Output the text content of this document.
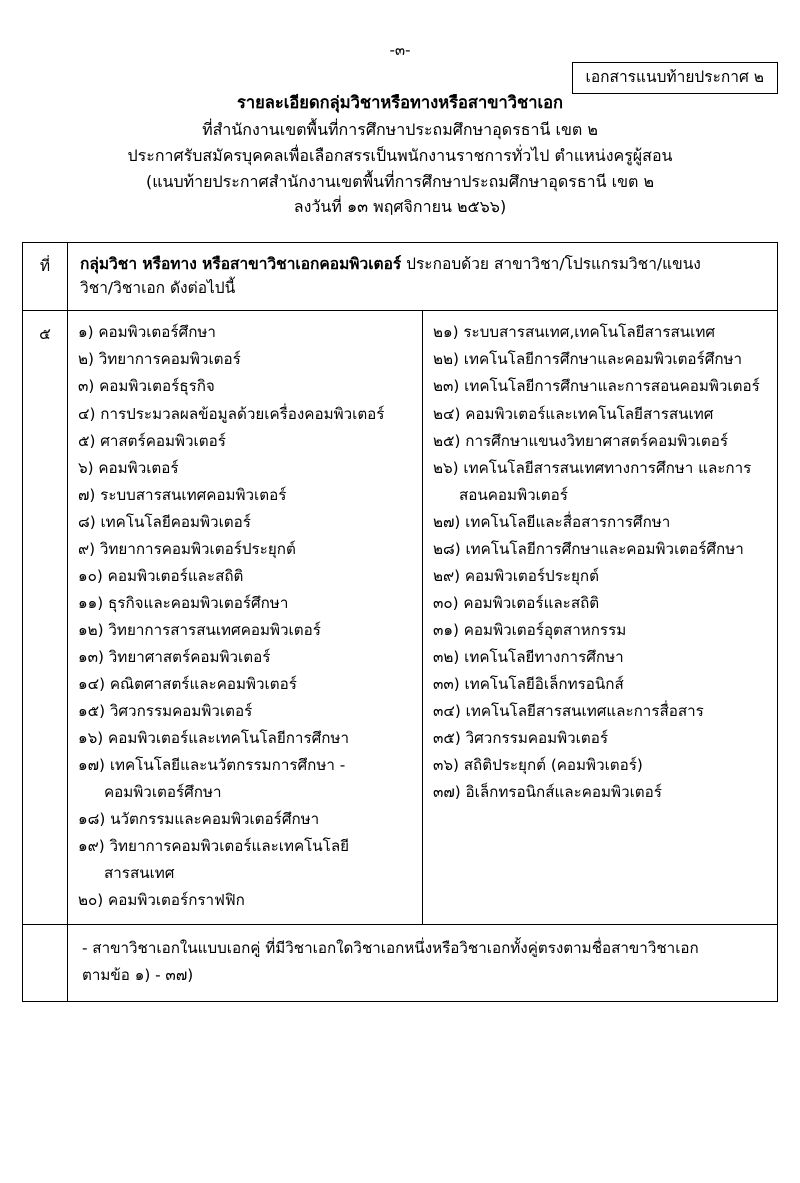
-๓-
เอกสารแนบท้ายประกาศ ๒
รายละเอียดกลุ่มวิชาหรือทางหรือสาขาวิชาเอก
ที่สำนักงานเขตพื้นที่การศึกษาประถมศึกษาอุดรธานี เขต ๒
ประกาศรับสมัครบุคคลเพื่อเลือกสรรเป็นพนักงานราชการทั่วไป ตำแหน่งครูผู้สอน
(แนบท้ายประกาศสำนักงานเขตพื้นที่การศึกษาประถมศึกษาอุดรธานี เขต ๒
ลงวันที่ ๑๓ พฤศจิกายน ๒๕๖๖)
ที่	กลุ่มวิชา หรือทาง หรือสาขาวิชาเอกคอมพิวเตอร์ ประกอบด้วย สาขาวิชา/โปรแกรมวิชา/แขนง
วิชา/วิชาเอก ดังต่อไปนี้	

๕	๑) คอมพิวเตอร์ศึกษา
๒) วิทยาการคอมพิวเตอร์
๓) คอมพิวเตอร์ธุรกิจ
๔) การประมวลผลข้อมูลด้วยเครื่องคอมพิวเตอร์
๕) ศาสตร์คอมพิวเตอร์
๖) คอมพิวเตอร์
๗) ระบบสารสนเทศคอมพิวเตอร์
๘) เทคโนโลยีคอมพิวเตอร์
๙) วิทยาการคอมพิวเตอร์ประยุกต์
๑๐) คอมพิวเตอร์และสถิติ
๑๑) ธุรกิจและคอมพิวเตอร์ศึกษา
๑๒) วิทยาการสารสนเทศคอมพิวเตอร์
๑๓) วิทยาศาสตร์คอมพิวเตอร์
๑๔) คณิตศาสตร์และคอมพิวเตอร์
๑๕) วิศวกรรมคอมพิวเตอร์
๑๖) คอมพิวเตอร์และเทคโนโลยีการศึกษา
๑๗) เทคโนโลยีและนวัตกรรมการศึกษา - คอมพิวเตอร์ศึกษา
๑๘) นวัตกรรมและคอมพิวเตอร์ศึกษา
๑๙) วิทยาการคอมพิวเตอร์และเทคโนโลยีสารสนเทศ
๒๐) คอมพิวเตอร์กราฟฟิก

๒๑) ระบบสารสนเทศ,เทคโนโลยีสารสนเทศ
๒๒) เทคโนโลยีการศึกษาและคอมพิวเตอร์ศึกษา
๒๓) เทคโนโลยีการศึกษาและการสอนคอมพิวเตอร์
๒๔) คอมพิวเตอร์และเทคโนโลยีสารสนเทศ
๒๕) การศึกษาแขนงวิทยาศาสตร์คอมพิวเตอร์
๒๖) เทคโนโลยีสารสนเทศทางการศึกษา และการสอนคอมพิวเตอร์
๒๗) เทคโนโลยีและสื่อสารการศึกษา
๒๘) เทคโนโลยีการศึกษาและคอมพิวเตอร์ศึกษา
๒๙) คอมพิวเตอร์ประยุกต์
๓๐) คอมพิวเตอร์และสถิติ
๓๑) คอมพิวเตอร์อุตสาหกรรม
๓๒) เทคโนโลยีทางการศึกษา
๓๓) เทคโนโลยีอิเล็กทรอนิกส์
๓๔) เทคโนโลยีสารสนเทศและการสื่อสาร
๓๕) วิศวกรรมคอมพิวเตอร์
๓๖) สถิติประยุกต์ (คอมพิวเตอร์)
๓๗) อิเล็กทรอนิกส์และคอมพิวเตอร์

	- สาขาวิชาเอกในแบบเอกคู่ ที่มีวิชาเอกใดวิชาเอกหนึ่งหรือวิชาเอกทั้งคู่ตรงตามชื่อสาขาวิชาเอก
ตามข้อ ๑) - ๓๗)	
